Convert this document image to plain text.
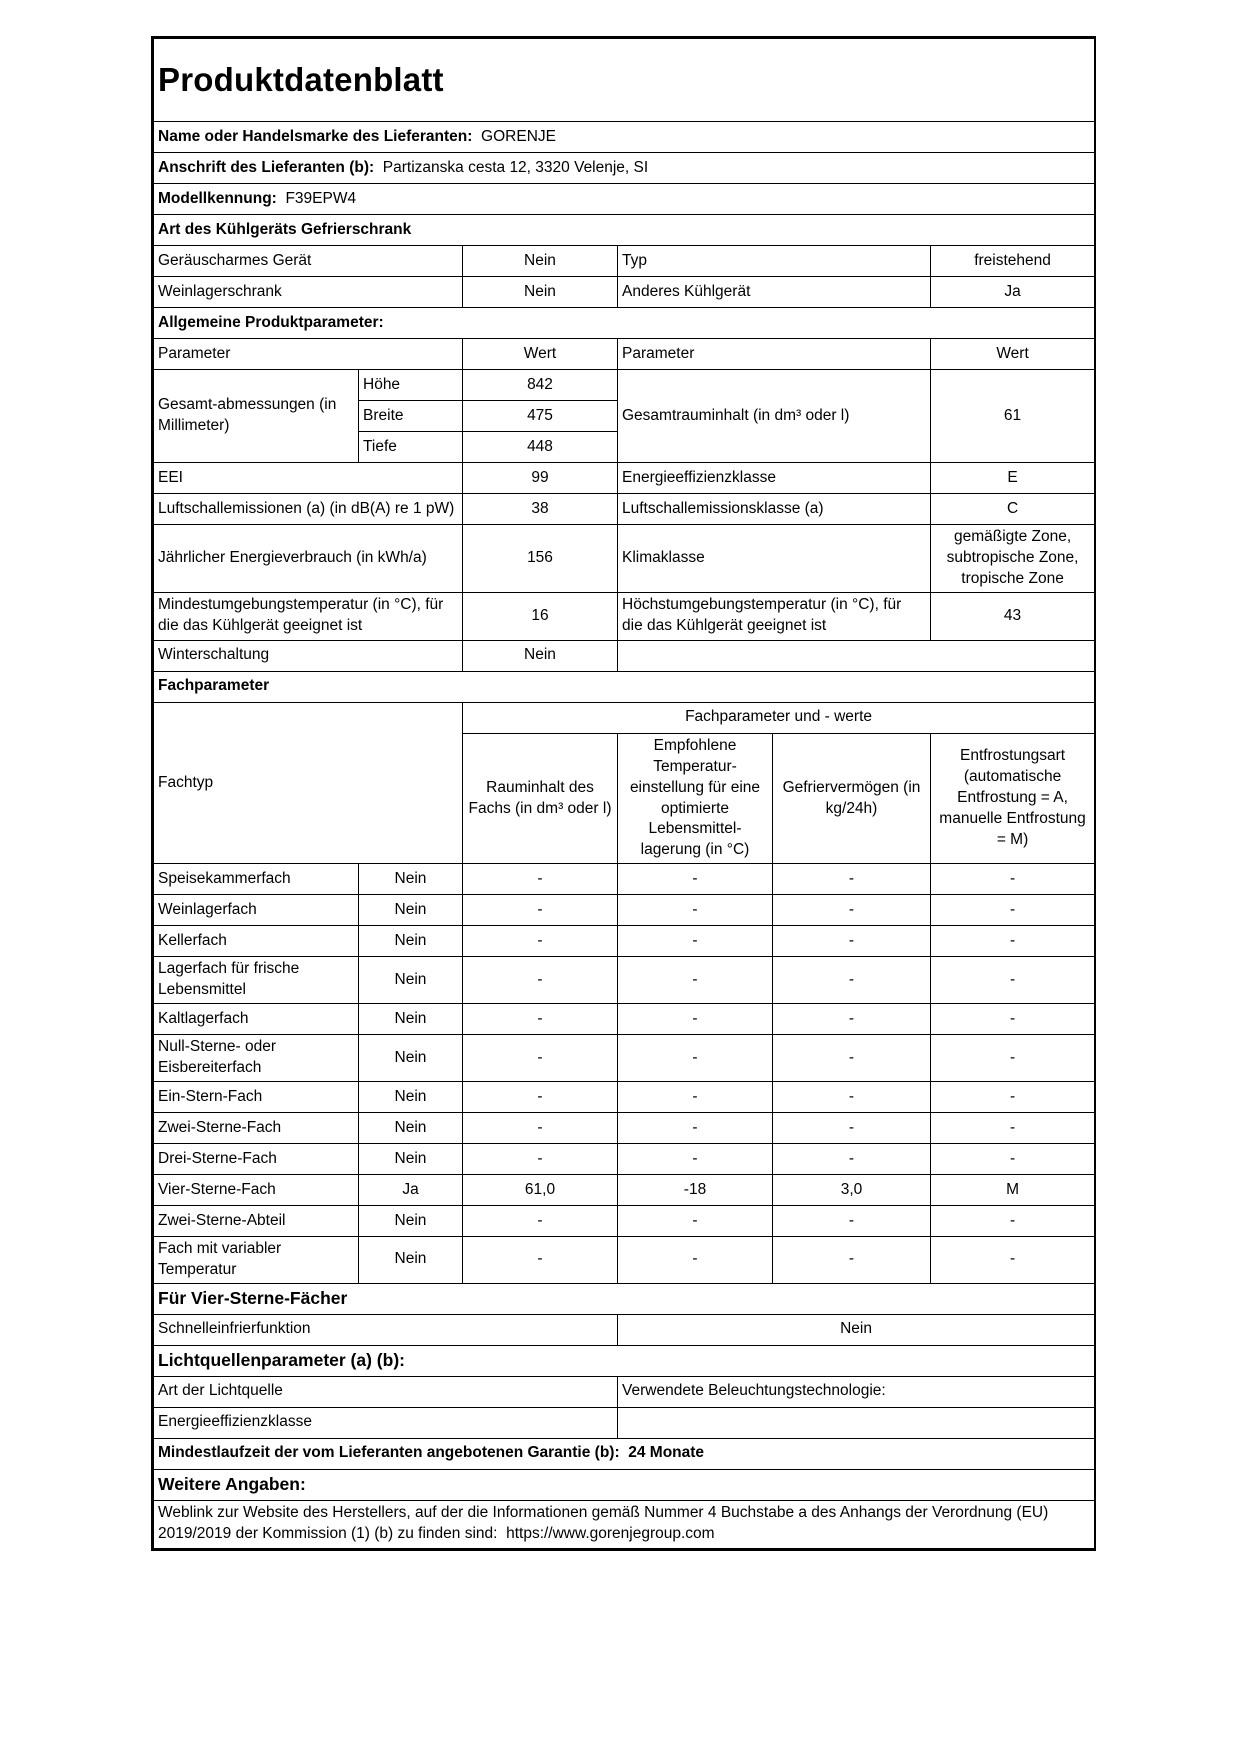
Produktdatenblatt					
Name oder Handelsmarke des Lieferanten: GORENJE					
Anschrift des Lieferanten (b): Partizanska cesta 12, 3320 Velenje, SI					
Modellkennung: F39EPW4					
Art des Kühlgeräts Gefrierschrank					
Geräuscharmes Gerät		Nein	Typ		freistehend
Weinlagerschrank		Nein	Anderes Kühlgerät		Ja
Allgemeine Produktparameter:					
Parameter		Wert	Parameter		Wert
Gesamt-abmessungen (in Millimeter)	Höhe	842	Gesamtrauminhalt (in dm³ oder l)		61
	Breite	475			
	Tiefe	448			
EEI		99	Energieeffizienzklasse		E
Luftschallemissionen (a) (in dB(A) re 1 pW)		38	Luftschallemissionsklasse (a)		C
Jährlicher Energieverbrauch (in kWh/a)		156	Klimaklasse		gemäßigte Zone, subtropische Zone, tropische Zone
Mindestumgebungstemperatur (in °C), für die das Kühlgerät geeignet ist		16	Höchstumgebungstemperatur (in °C), für die das Kühlgerät geeignet ist		43
Winterschaltung		Nein			
Fachparameter					
Fachtyp		Fachparameter und - werte			
		Rauminhalt des Fachs (in dm³ oder l)	Empfohlene Temperatur-einstellung für eine optimierte Lebensmittel-lagerung (in °C)	Gefriervermögen (in kg/24h)	Entfrostungsart (automatische Entfrostung = A, manuelle Entfrostung = M)
Speisekammerfach	Nein	-	-	-	-
Weinlagerfach	Nein	-	-	-	-
Kellerfach	Nein	-	-	-	-
Lagerfach für frische Lebensmittel	Nein	-	-	-	-
Kaltlagerfach	Nein	-	-	-	-
Null-Sterne- oder Eisbereiterfach	Nein	-	-	-	-
Ein-Stern-Fach	Nein	-	-	-	-
Zwei-Sterne-Fach	Nein	-	-	-	-
Drei-Sterne-Fach	Nein	-	-	-	-
Vier-Sterne-Fach	Ja	61,0	-18	3,0	M
Zwei-Sterne-Abteil	Nein	-	-	-	-
Fach mit variabler Temperatur	Nein	-	-	-	-
Für Vier-Sterne-Fächer					
Schnelleinfrierfunktion			Nein		
Lichtquellenparameter (a) (b):					
Art der Lichtquelle			Verwendete Beleuchtungstechnologie:		
Energieeffizienzklasse					
Mindestlaufzeit der vom Lieferanten angebotenen Garantie (b): 24 Monate					
Weitere Angaben:					
Weblink zur Website des Herstellers, auf der die Informationen gemäß Nummer 4 Buchstabe a des Anhangs der Verordnung (EU) 2019/2019 der Kommission (1) (b) zu finden sind: https://www.gorenjegroup.com					
